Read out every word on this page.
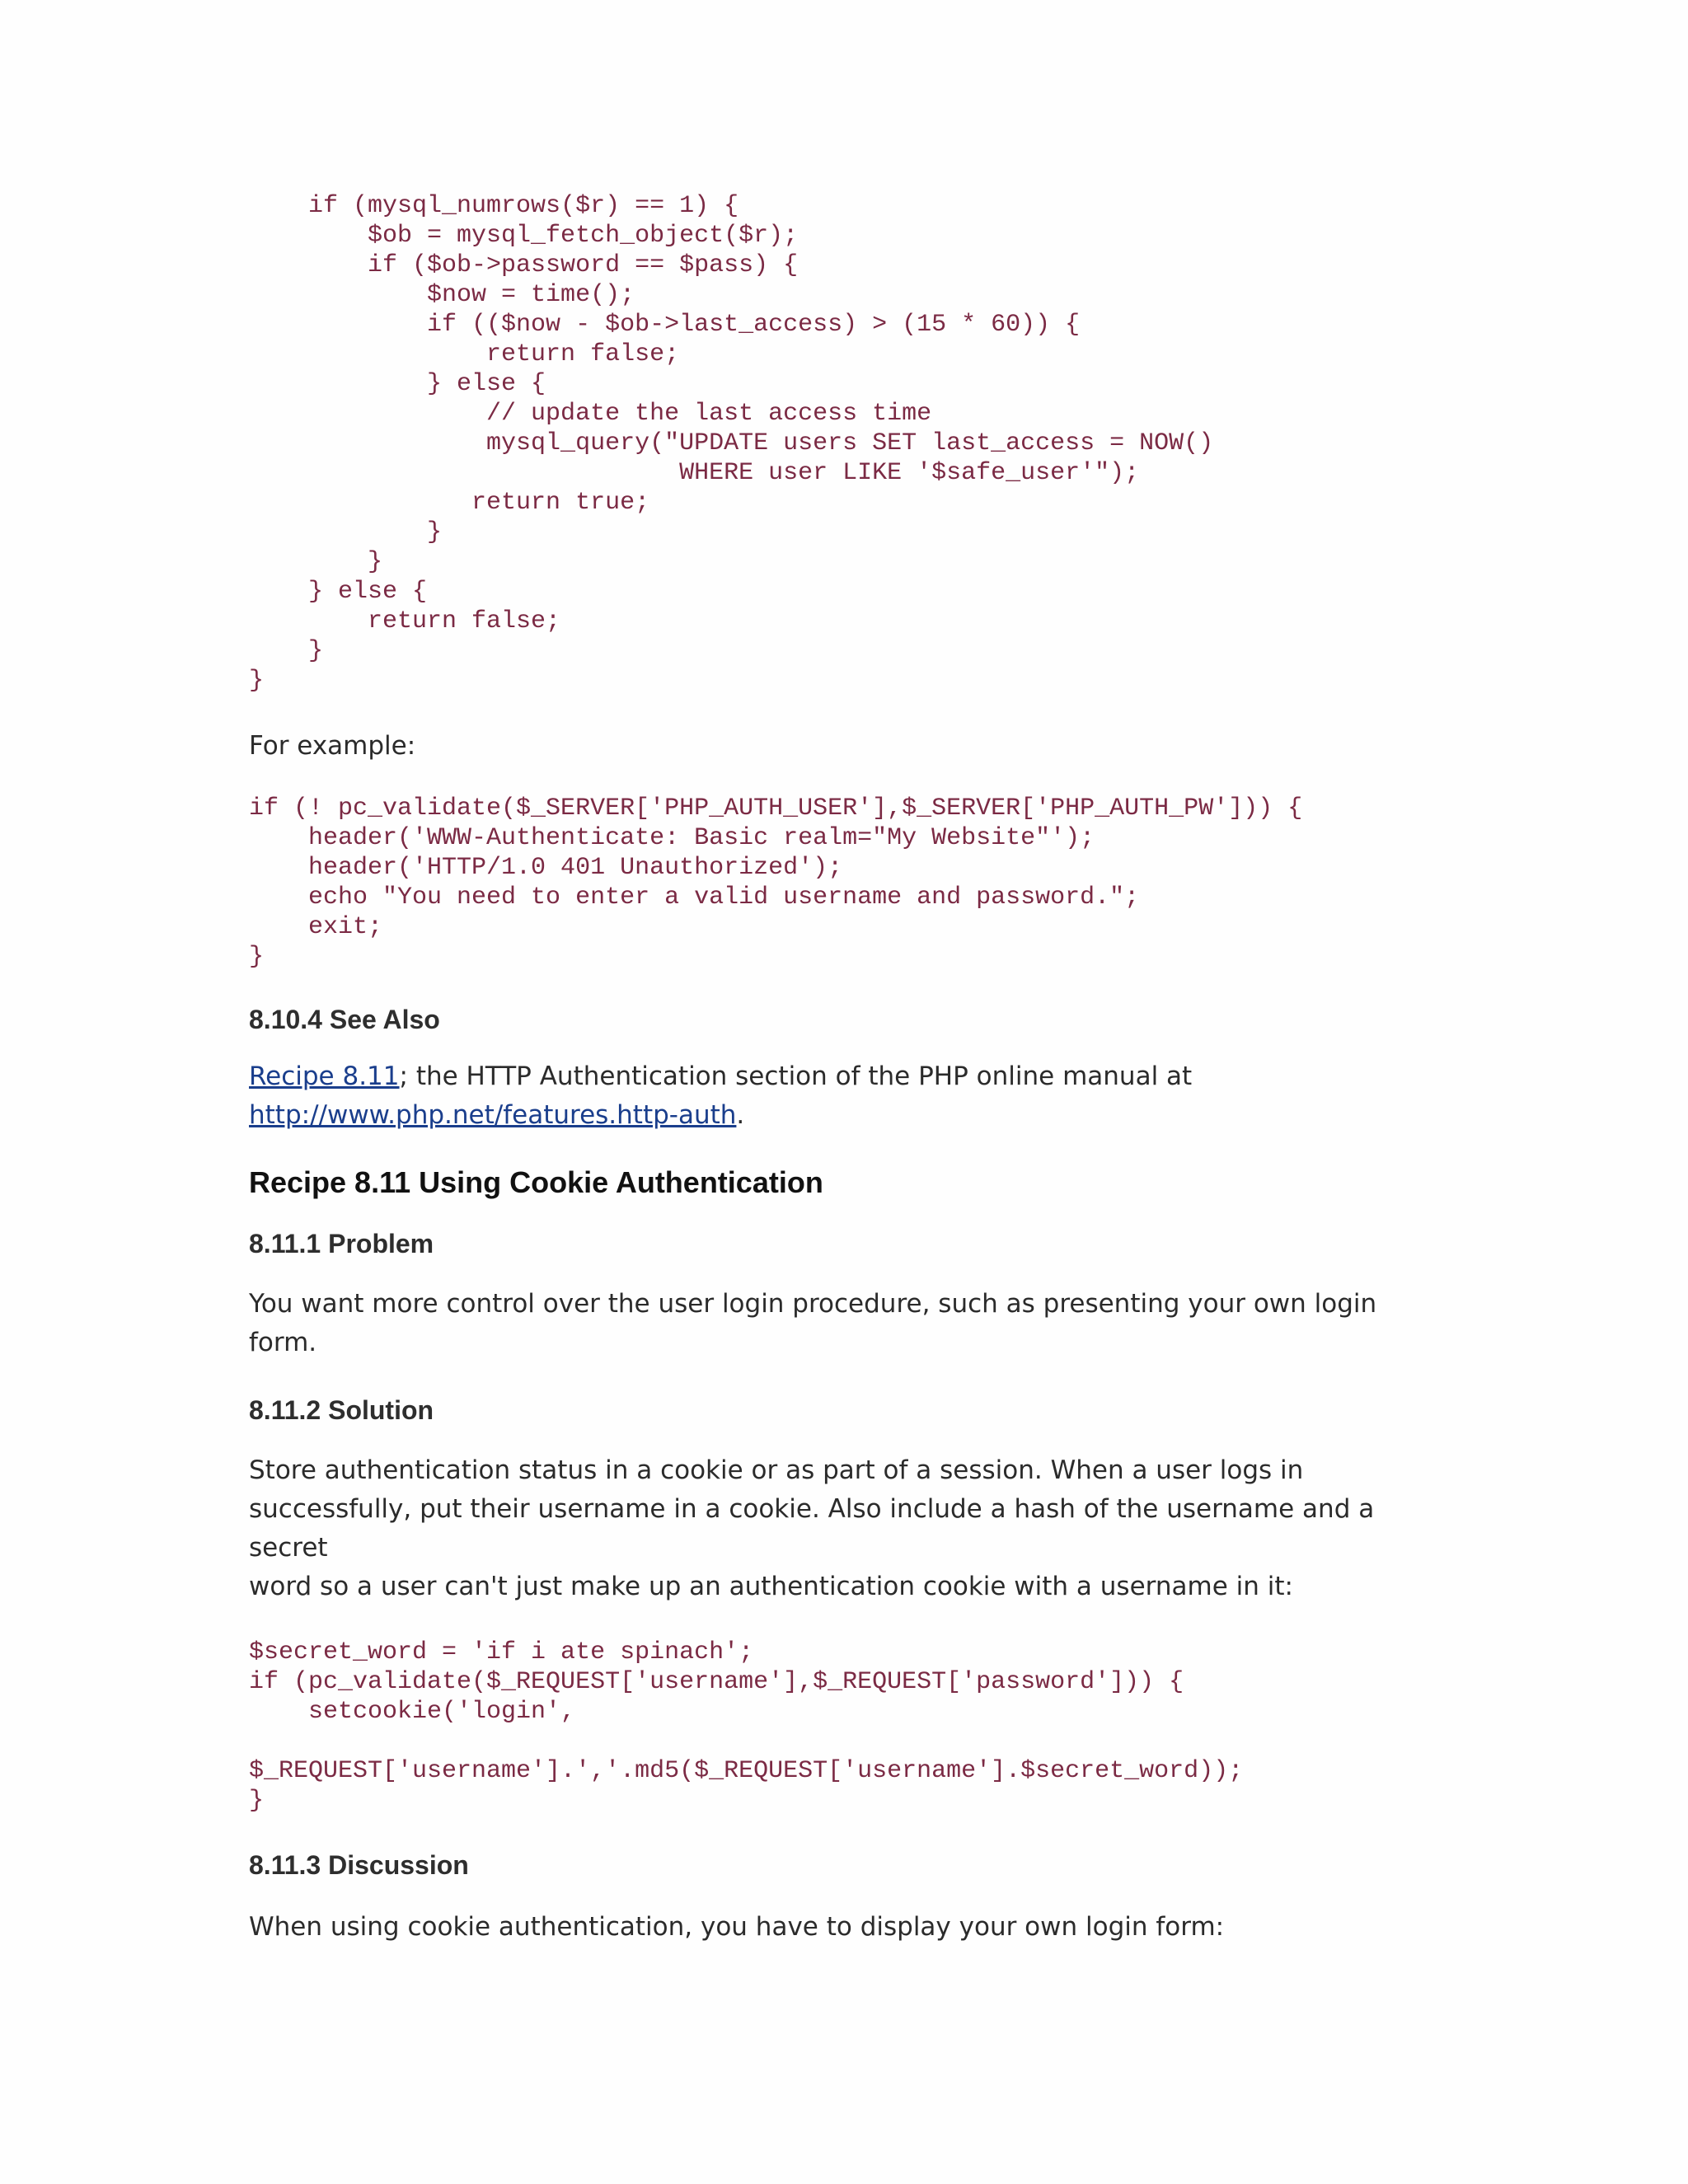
if (mysql_numrows($r) == 1) {
$ob = mysql_fetch_object($r);
if ($ob->password == $pass) {
$now = time();
if (($now - $ob->last_access) > (15 * 60)) {
return false;
} else {
// update the last access time
mysql_query("UPDATE users SET last_access = NOW()
WHERE user LIKE '$safe_user'");
return true;
}
}
} else {
return false;
}
}

For example:

if (! pc_validate($_SERVER['PHP_AUTH_USER'],$_SERVER['PHP_AUTH_PW'])) {
header('WWW-Authenticate: Basic realm="My Website"');
header('HTTP/1.0 401 Unauthorized');
echo "You need to enter a valid username and password.";
exit;
}
8.10.4 See Also

Recipe 8.11; the HTTP Authentication section of the PHP online manual at
http://www.php.net/features.http-auth.

Recipe 8.11 Using Cookie Authentication
8.11.1 Problem

You want more control over the user login procedure, such as presenting your own login form.

8.11.2 Solution

Store authentication status in a cookie or as part of a session. When a user logs in
successfully, put their username in a cookie. Also include a hash of the username and a secret
word so a user can't just make up an authentication cookie with a username in it:

$secret_word = 'if i ate spinach';
if (pc_validate($_REQUEST['username'],$_REQUEST['password'])) {
setcookie('login',

$_REQUEST['username'].','.md5($_REQUEST['username'].$secret_word));
}
8.11.3 Discussion

When using cookie authentication, you have to display your own login form:
